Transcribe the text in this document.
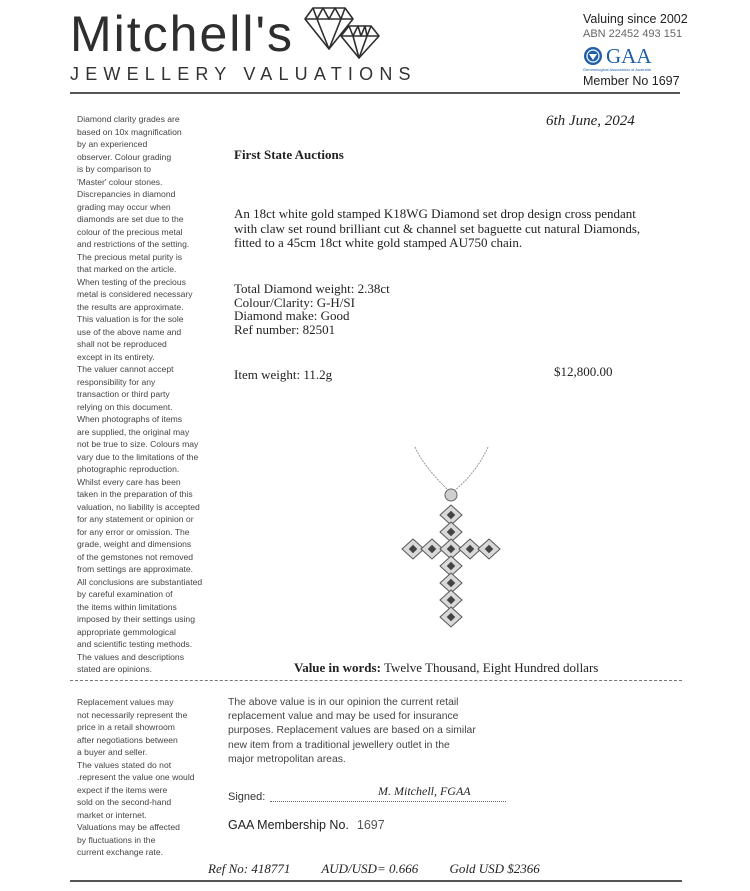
Mitchell's
JEWELLERY VALUATIONS
Valuing since 2002
ABN 22452 493 151
GAA
Gemmological Association of Australia
Member No 1697
Diamond clarity grades are
based on 10x magnification
by an experienced
observer. Colour grading
is by comparison to
'Master' colour stones.
Discrepancies in diamond
grading may occur when
diamonds are set due to the
colour of the precious metal
and restrictions of the setting.
The precious metal purity is
that marked on the article.
When testing of the precious
metal is considered necessary
the results are approximate.
This valuation is for the sole
use of the above name and
shall not be reproduced
except in its entirety.
The valuer cannot accept
responsibility for any
transaction or third party
relying on this document.
When photographs of items
are supplied, the original may
not be true to size. Colours may
vary due to the limitations of the
photographic reproduction.
Whilst every care has been
taken in the preparation of this
valuation, no liability is accepted
for any statement or opinion or
for any error or omission. The
grade, weight and dimensions
of the gemstones not removed
from settings are approximate.
All conclusions are substantiated
by careful examination of
the items within limitations
imposed by their settings using
appropriate gemmological
and scientific testing methods.
The values and descriptions
stated are opinions.
6th June, 2024
First State Auctions
An 18ct white gold stamped K18WG Diamond set drop design cross pendant
with claw set round brilliant cut & channel set baguette cut natural Diamonds,
fitted to a 45cm 18ct white gold stamped AU750 chain.
Total Diamond weight: 2.38ct
Colour/Clarity: G-H/SI
Diamond make: Good
Ref number: 82501
Item weight: 11.2g	$12,800.00
Value in words: Twelve Thousand, Eight Hundred dollars
Replacement values may
not necessarily represent the
price in a retail showroom
after negotiations between
a buyer and seller.
The values stated do not
.represent the value one would
expect if the items were
sold on the second-hand
market or internet.
Valuations may be affected
by fluctuations in the
current exchange rate.
The above value is in our opinion the current retail
replacement value and may be used for insurance
purposes. Replacement values are based on a similar
new item from a traditional jewellery outlet in the
major metropolitan areas.
Signed:	M. Mitchell, FGAA
GAA Membership No. 1697
Ref No: 418771 AUD/USD= 0.666 Gold USD $2366
